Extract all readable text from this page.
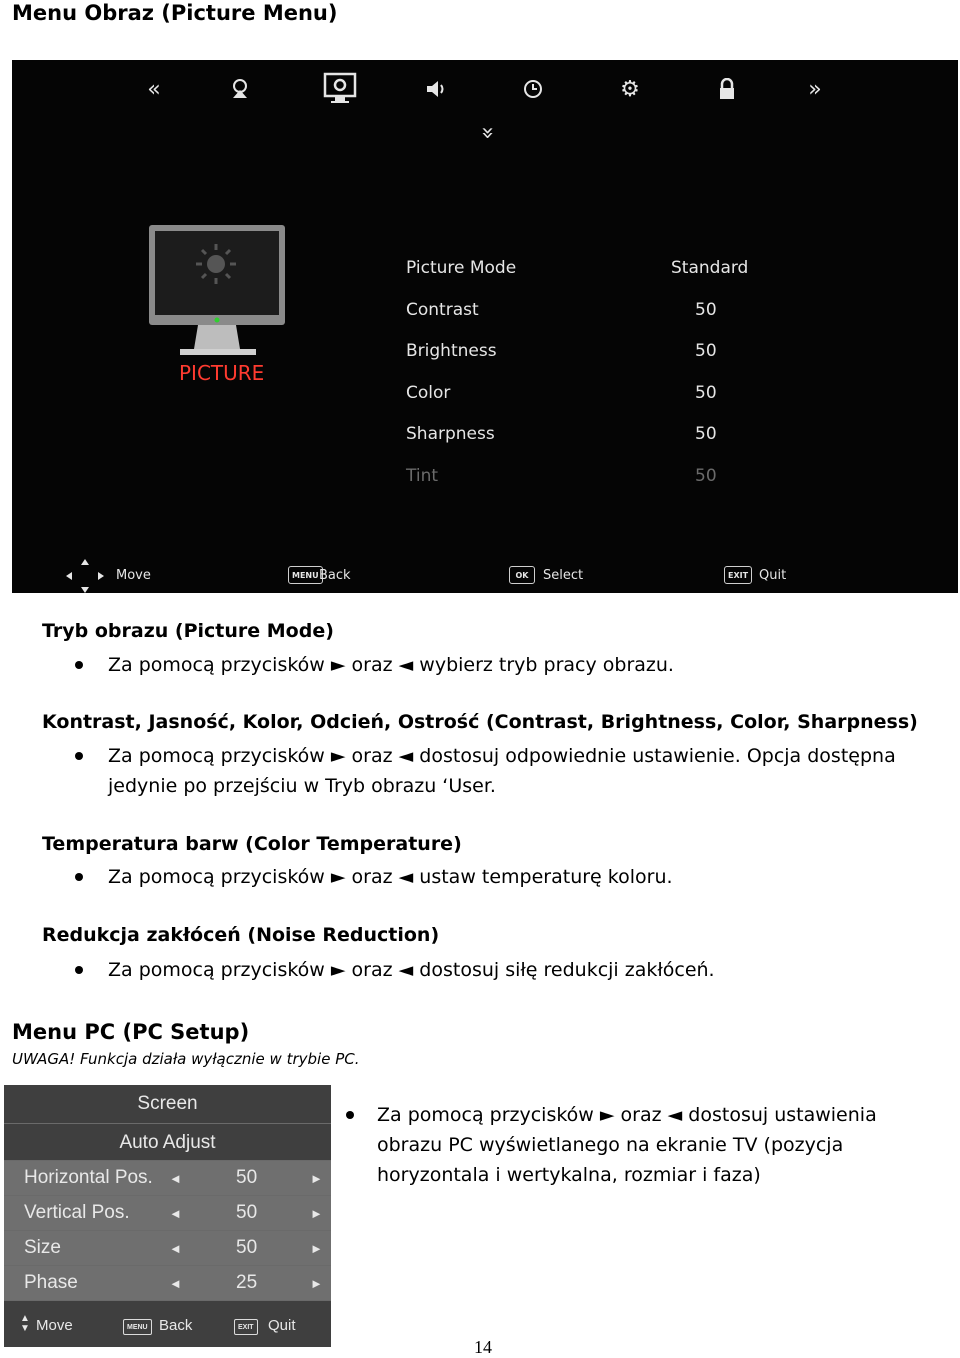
Menu Obraz (Picture Menu)
«	⚙	»
»
PICTURE
Picture Mode	Standard
Contrast	50
Brightness	50
Color	50
Sharpness	50
Tint	50
Move	MENU Back	OK	Select	EXIT Quit
Tryb obrazu (Picture Mode)
Za pomocą przycisków ► oraz ◄ wybierz tryb pracy obrazu.
Kontrast, Jasność, Kolor, Odcień, Ostrość (Contrast, Brightness, Color, Sharpness)
Za pomocą przycisków ► oraz ◄ dostosuj odpowiednie ustawienie. Opcja dostępna jedynie po przejściu w Tryb obrazu ‘User.
Temperatura barw (Color Temperature)
Za pomocą przycisków ► oraz ◄ ustaw temperaturę koloru.
Redukcja zakłóceń (Noise Reduction)
Za pomocą przycisków ► oraz ◄ dostosuj siłę redukcji zakłóceń.
Menu PC (PC Setup)
UWAGA! Funkcja działa wyłącznie w trybie PC.
Screen
Auto Adjust
Horizontal Pos. ◄	50	►
Vertical Pos.	◄	50	►
Size	◄	50	►
Phase	◄	25	►
▲
▼ Move	MENU Back	EXIT Quit
Za pomocą przycisków ► oraz ◄ dostosuj ustawienia obrazu PC wyświetlanego na ekranie TV (pozycja horyzontala i wertykalna, rozmiar i faza)
14
